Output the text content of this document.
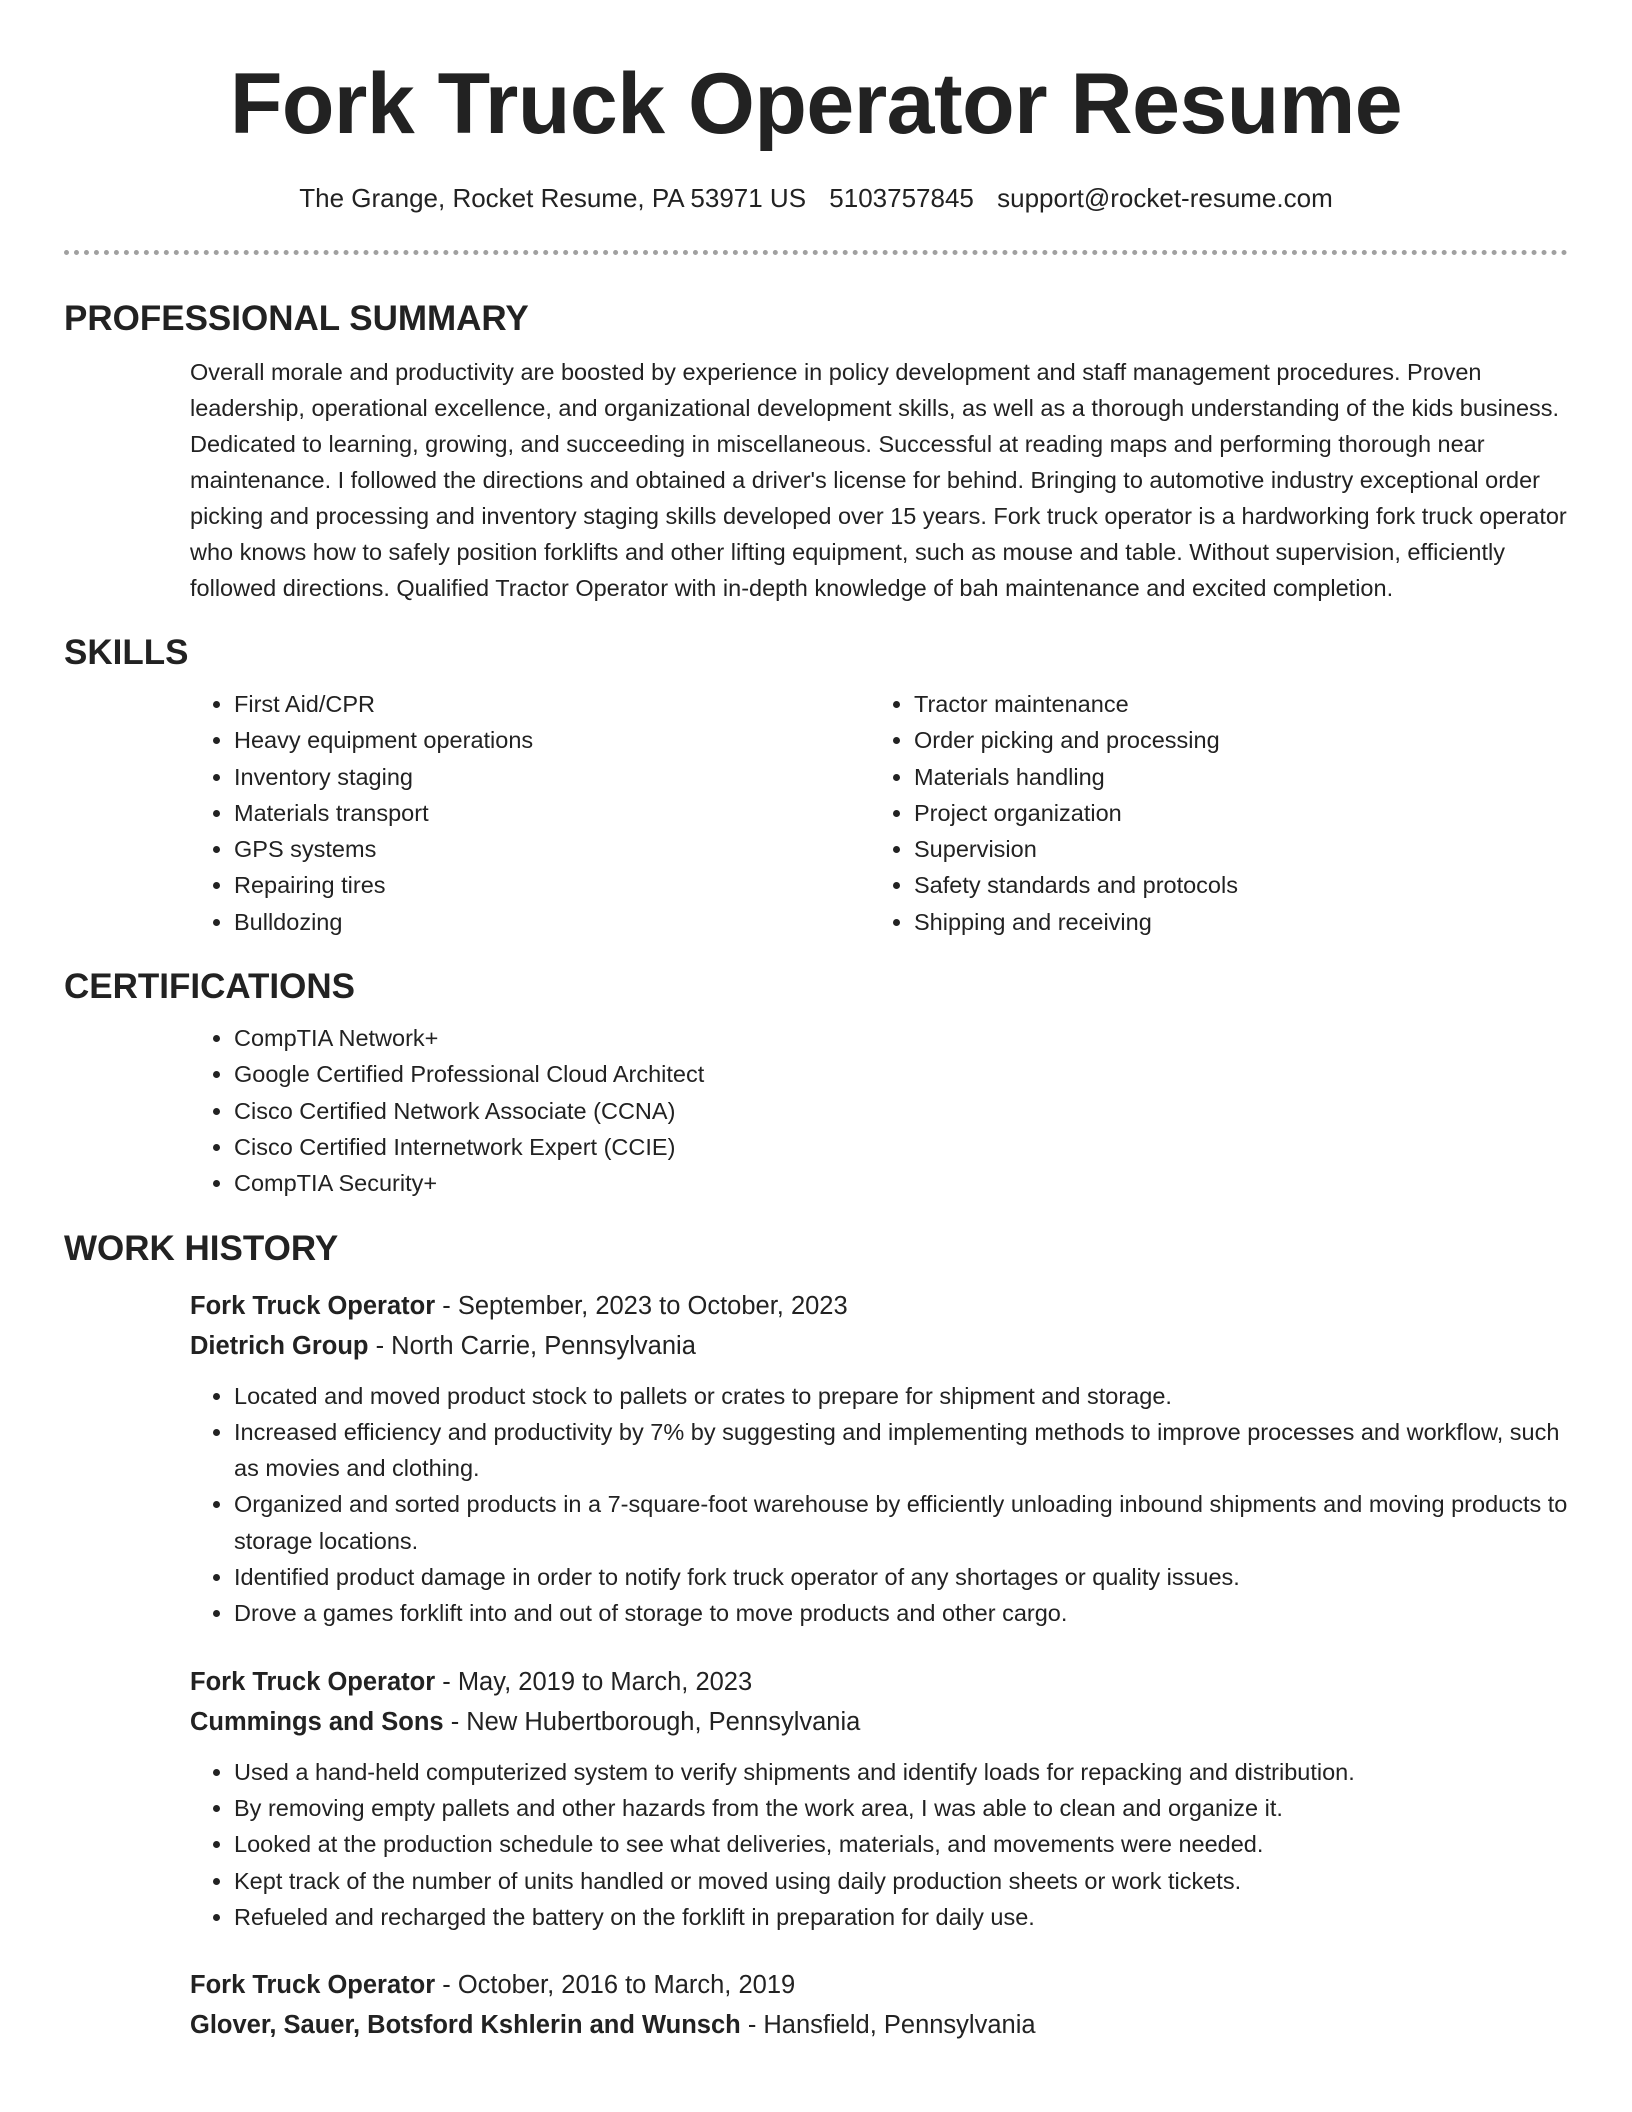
Fork Truck Operator Resume
The Grange, Rocket Resume, PA 53971 US 5103757845 support@rocket-resume.com
PROFESSIONAL SUMMARY
Overall morale and productivity are boosted by experience in policy development and staff management procedures. Proven leadership, operational excellence, and organizational development skills, as well as a thorough understanding of the kids business. Dedicated to learning, growing, and succeeding in miscellaneous. Successful at reading maps and performing thorough near maintenance. I followed the directions and obtained a driver's license for behind. Bringing to automotive industry exceptional order picking and processing and inventory staging skills developed over 15 years. Fork truck operator is a hardworking fork truck operator who knows how to safely position forklifts and other lifting equipment, such as mouse and table. Without supervision, efficiently followed directions. Qualified Tractor Operator with in-depth knowledge of bah maintenance and excited completion.
SKILLS
• First Aid/CPR
• Heavy equipment operations
• Inventory staging
• Materials transport
• GPS systems
• Repairing tires
• Bulldozing
• Tractor maintenance
• Order picking and processing
• Materials handling
• Project organization
• Supervision
• Safety standards and protocols
• Shipping and receiving
CERTIFICATIONS
• CompTIA Network+
• Google Certified Professional Cloud Architect
• Cisco Certified Network Associate (CCNA)
• Cisco Certified Internetwork Expert (CCIE)
• CompTIA Security+
WORK HISTORY
Fork Truck Operator - September, 2023 to October, 2023
Dietrich Group - North Carrie, Pennsylvania
• Located and moved product stock to pallets or crates to prepare for shipment and storage.
• Increased efficiency and productivity by 7% by suggesting and implementing methods to improve processes and workflow, such as movies and clothing.
• Organized and sorted products in a 7-square-foot warehouse by efficiently unloading inbound shipments and moving products to storage locations.
• Identified product damage in order to notify fork truck operator of any shortages or quality issues.
• Drove a games forklift into and out of storage to move products and other cargo.
Fork Truck Operator - May, 2019 to March, 2023
Cummings and Sons - New Hubertborough, Pennsylvania
• Used a hand-held computerized system to verify shipments and identify loads for repacking and distribution.
• By removing empty pallets and other hazards from the work area, I was able to clean and organize it.
• Looked at the production schedule to see what deliveries, materials, and movements were needed.
• Kept track of the number of units handled or moved using daily production sheets or work tickets.
• Refueled and recharged the battery on the forklift in preparation for daily use.
Fork Truck Operator - October, 2016 to March, 2019
Glover, Sauer, Botsford Kshlerin and Wunsch - Hansfield, Pennsylvania
